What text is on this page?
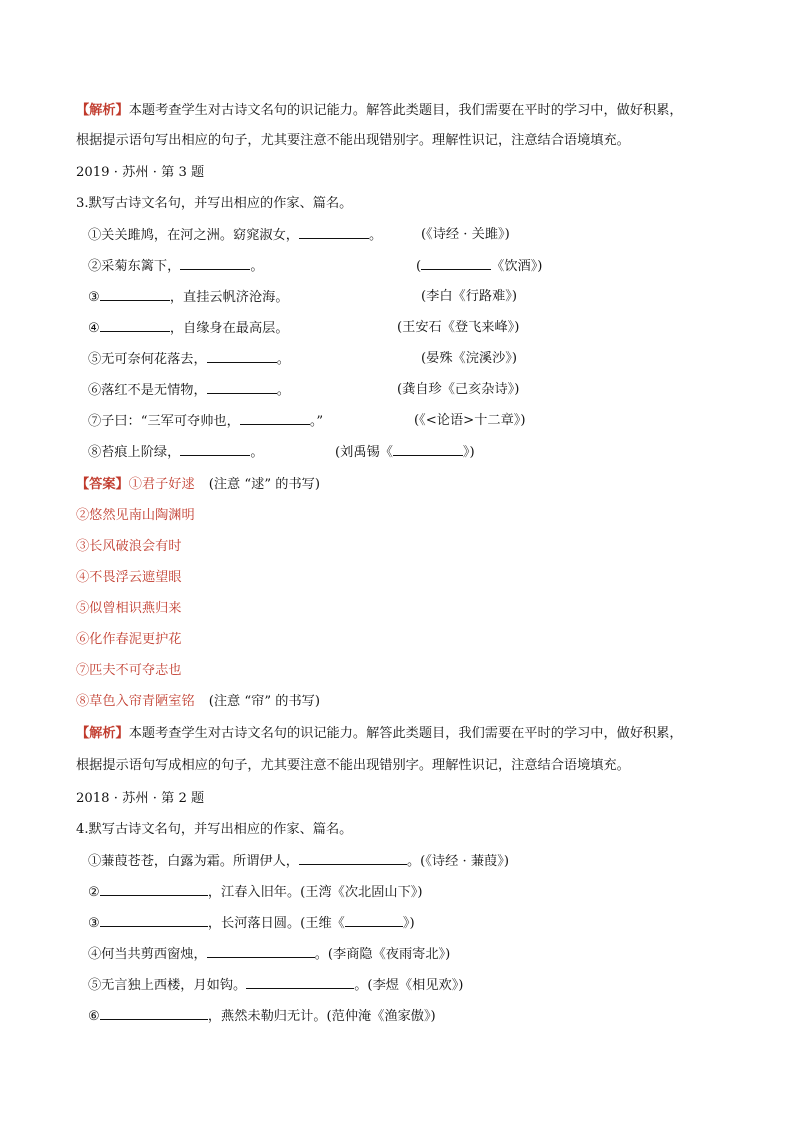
【解析】本题考查学生对古诗文名句的识记能力。解答此类题目，我们需要在平时的学习中，做好积累，
根据提示语句写出相应的句子，尤其要注意不能出现错别字。理解性识记，注意结合语境填充。
2019 · 苏州 · 第 3 题
3.默写古诗文名句，并写出相应的作家、篇名。
①关关雎鸠，在河之洲。窈窕淑女，	。	(《诗经 · 关雎》)
②采菊东篱下，	。	(	《饮酒》)
③	，直挂云帆济沧海。	(李白《行路难》)
④	，自缘身在最高层。	(王安石《登飞来峰》)
⑤无可奈何花落去，	。	(晏殊《浣溪沙》)
⑥落红不是无情物，	。	(龚自珍《己亥杂诗》)
⑦子曰：“三军可夺帅也，	。”	(《<论语>十二章》)
⑧苔痕上阶绿，	。	(刘禹锡《	》)
【答案】①君子好逑 (注意 “逑” 的书写)
②悠然见南山陶渊明
③长风破浪会有时
④不畏浮云遮望眼
⑤似曾相识燕归来
⑥化作春泥更护花
⑦匹夫不可夺志也
⑧草色入帘青陋室铭 (注意 “帘” 的书写)
【解析】本题考查学生对古诗文名句的识记能力。解答此类题目，我们需要在平时的学习中，做好积累，
根据提示语句写成相应的句子，尤其要注意不能出现错别字。理解性识记，注意结合语境填充。
2018 · 苏州 · 第 2 题
4.默写古诗文名句，并写出相应的作家、篇名。
①蒹葭苍苍，白露为霜。所谓伊人，	。(《诗经 · 蒹葭》)
②	，江春入旧年。(王湾《次北固山下》)
③	，长河落日圆。(王维《	》)
④何当共剪西窗烛，	。(李商隐《夜雨寄北》)
⑤无言独上西楼，月如钩。	。(李煜《相见欢》)
⑥	，燕然未勒归无计。(范仲淹《渔家傲》)
